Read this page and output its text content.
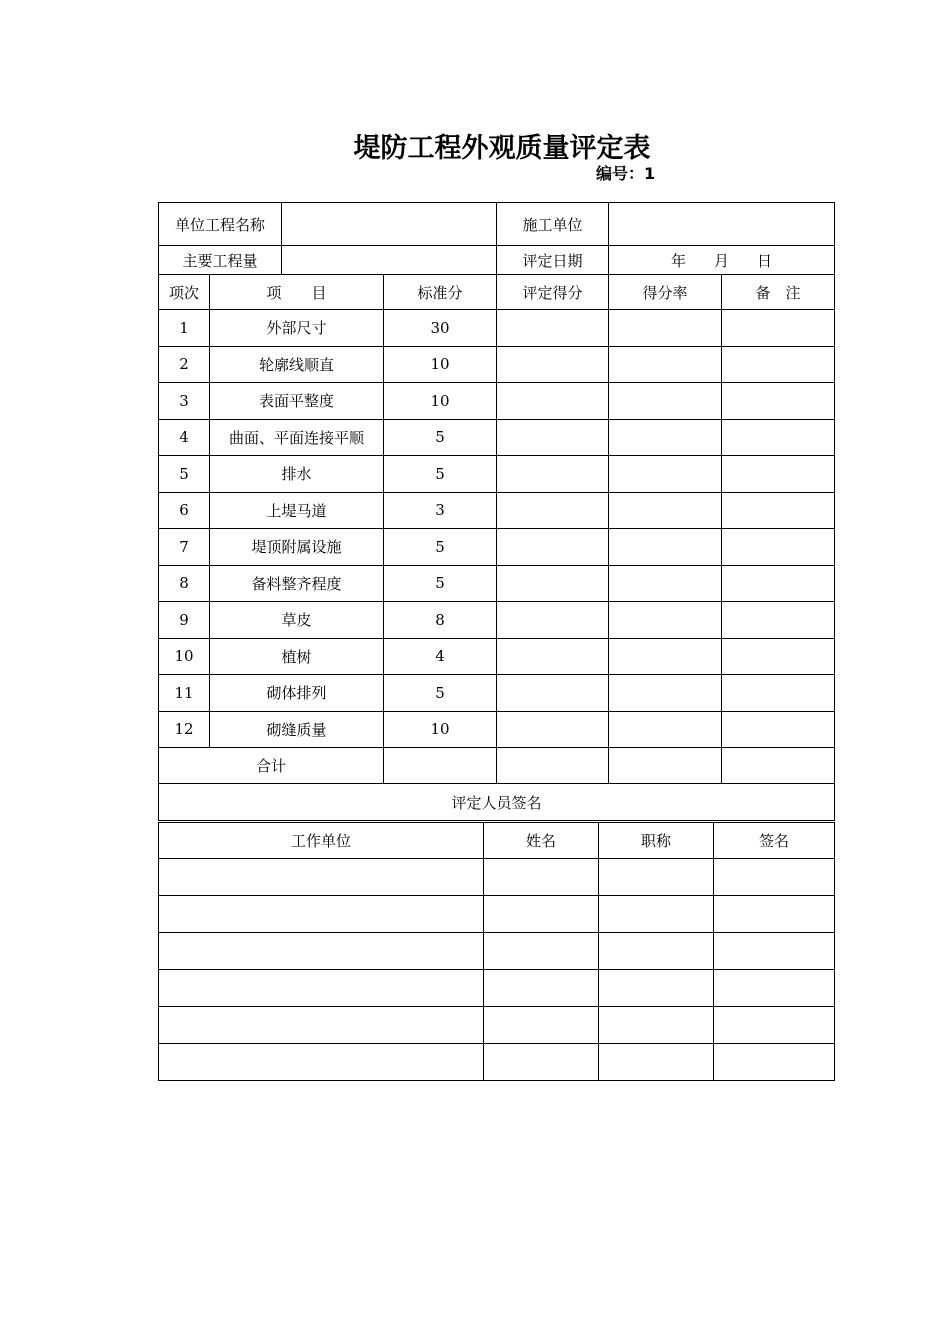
堤防工程外观质量评定表
编号：1
单位工程名称				施工单位		
主要工程量				评定日期	年 月 日	
项次	项　　目		标准分	评定得分	得分率	备　注
1	外部尺寸		30			
2	轮廓线顺直		10			
3	表面平整度		10			
4	曲面、平面连接平顺		5			
5	排水		5			
6	上堤马道		3			
7	堤顶附属设施		5			
8	备料整齐程度		5			
9	草皮		8			
10	植树		4			
11	砌体排列		5			
12	砌缝质量		10			
合计						
评定人员签名						
工作单位	姓名	职称	签名
